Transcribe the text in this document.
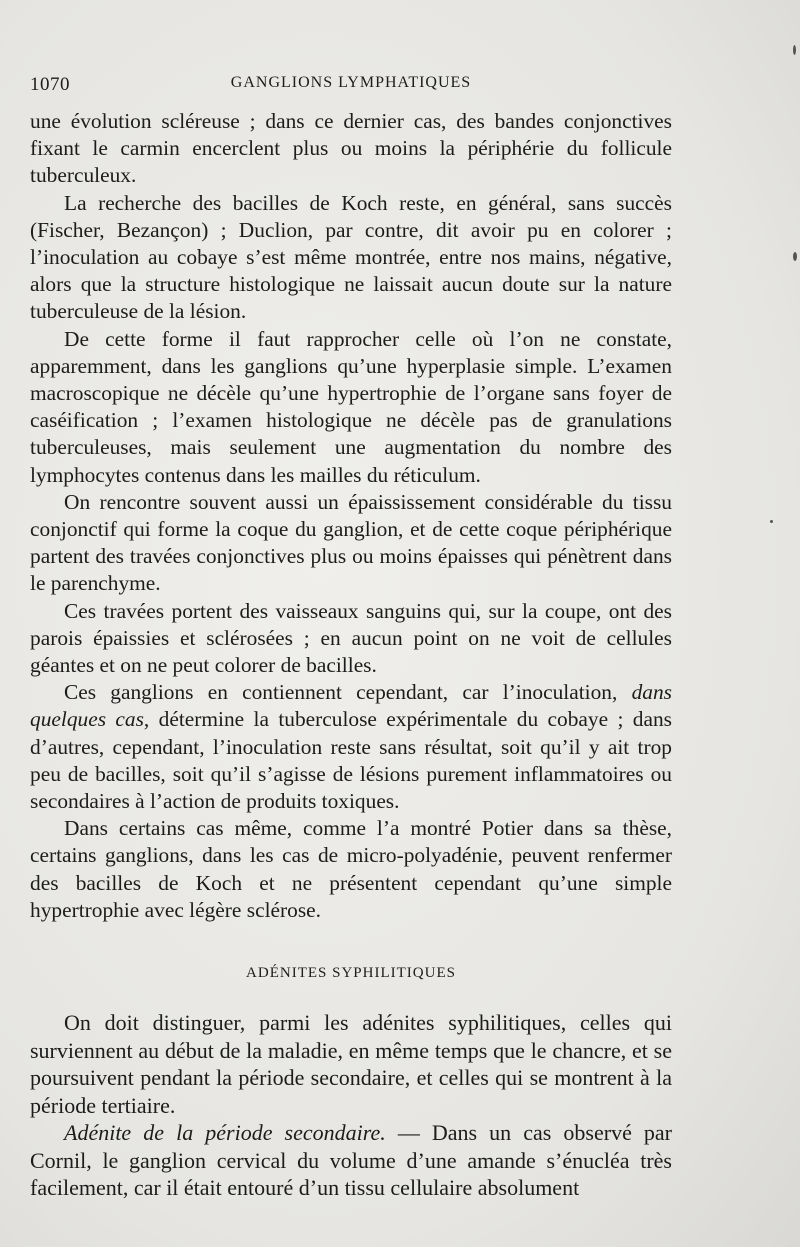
1070	GANGLIONS LYMPHATIQUES

une évolution scléreuse ; dans ce dernier cas, des bandes conjonctives fixant le carmin encerclent plus ou moins la périphérie du follicule tuberculeux.

La recherche des bacilles de Koch reste, en général, sans succès (Fischer, Bezançon) ; Duclion, par contre, dit avoir pu en colorer ; l’inoculation au cobaye s’est même montrée, entre nos mains, négative, alors que la structure histologique ne laissait aucun doute sur la nature tuberculeuse de la lésion.

De cette forme il faut rapprocher celle où l’on ne constate, apparemment, dans les ganglions qu’une hyperplasie simple. L’examen macroscopique ne décèle qu’une hypertrophie de l’organe sans foyer de caséification ; l’examen histologique ne décèle pas de granulations tuberculeuses, mais seulement une augmentation du nombre des lymphocytes contenus dans les mailles du réticulum.

On rencontre souvent aussi un épaississement considérable du tissu conjonctif qui forme la coque du ganglion, et de cette coque périphérique partent des travées conjonctives plus ou moins épaisses qui pénètrent dans le parenchyme.

Ces travées portent des vaisseaux sanguins qui, sur la coupe, ont des parois épaissies et sclérosées ; en aucun point on ne voit de cellules géantes et on ne peut colorer de bacilles.

Ces ganglions en contiennent cependant, car l’inoculation, dans quelques cas, détermine la tuberculose expérimentale du cobaye ; dans d’autres, cependant, l’inoculation reste sans résultat, soit qu’il y ait trop peu de bacilles, soit qu’il s’agisse de lésions purement inflammatoires ou secondaires à l’action de produits toxiques.

Dans certains cas même, comme l’a montré Potier dans sa thèse, certains ganglions, dans les cas de micro-polyadénie, peuvent renfermer des bacilles de Koch et ne présentent cependant qu’une simple hypertrophie avec légère sclérose.

ADÉNITES SYPHILITIQUES

On doit distinguer, parmi les adénites syphilitiques, celles qui surviennent au début de la maladie, en même temps que le chancre, et se poursuivent pendant la période secondaire, et celles qui se montrent à la période tertiaire.

Adénite de la période secondaire. — Dans un cas observé par Cornil, le ganglion cervical du volume d’une amande s’énucléa très facilement, car il était entouré d’un tissu cellulaire absolument
